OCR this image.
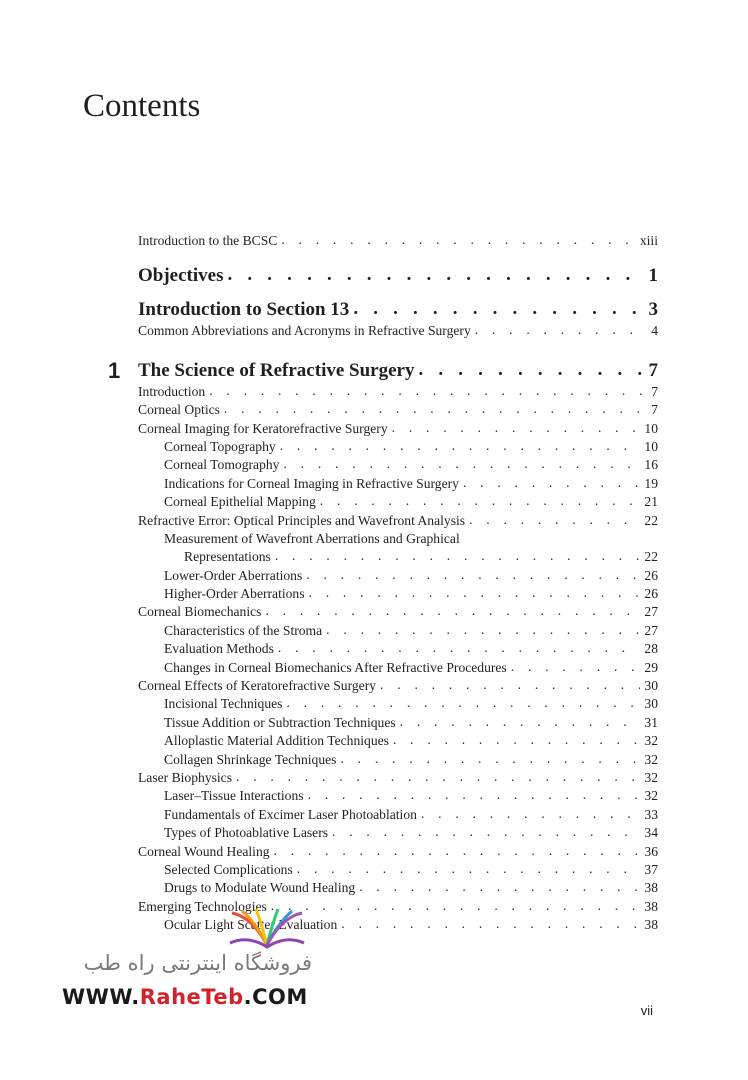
Contents
Introduction to the BCSC . . .	xiii
Objectives . . .	1
Introduction to Section 13 . . .	3
Common Abbreviations and Acronyms in Refractive Surgery . . .	4
1 The Science of Refractive Surgery . . .	7
Introduction . . .	7
Corneal Optics . . .	7
Corneal Imaging for Keratorefractive Surgery . . .	10
Corneal Topography . . .	10
Corneal Tomography . . .	16
Indications for Corneal Imaging in Refractive Surgery . . .	19
Corneal Epithelial Mapping . . .	21
Refractive Error: Optical Principles and Wavefront Analysis . . .	22
Measurement of Wavefront Aberrations and Graphical
Representations . . .	22
Lower-Order Aberrations . . .	26
Higher-Order Aberrations . . .	26
Corneal Biomechanics . . .	27
Characteristics of the Stroma . . .	27
Evaluation Methods . . .	28
Changes in Corneal Biomechanics After Refractive Procedures . . .	29
Corneal Effects of Keratorefractive Surgery . . .	30
Incisional Techniques . . .	30
Tissue Addition or Subtraction Techniques . . .	31
Alloplastic Material Addition Techniques . . .	32
Collagen Shrinkage Techniques . . .	32
Laser Biophysics . . .	32
Laser–Tissue Interactions . . .	32
Fundamentals of Excimer Laser Photoablation . . .	33
Types of Photoablative Lasers . . .	34
Corneal Wound Healing . . .	36
Selected Complications . . .	37
Drugs to Modulate Wound Healing . . .	38
Emerging Technologies . . .	38
Ocular Light Scatter Evaluation . . .	38
فروشگاه اینترنتی راه طب
WWW.RaheTeb.COM
vii
